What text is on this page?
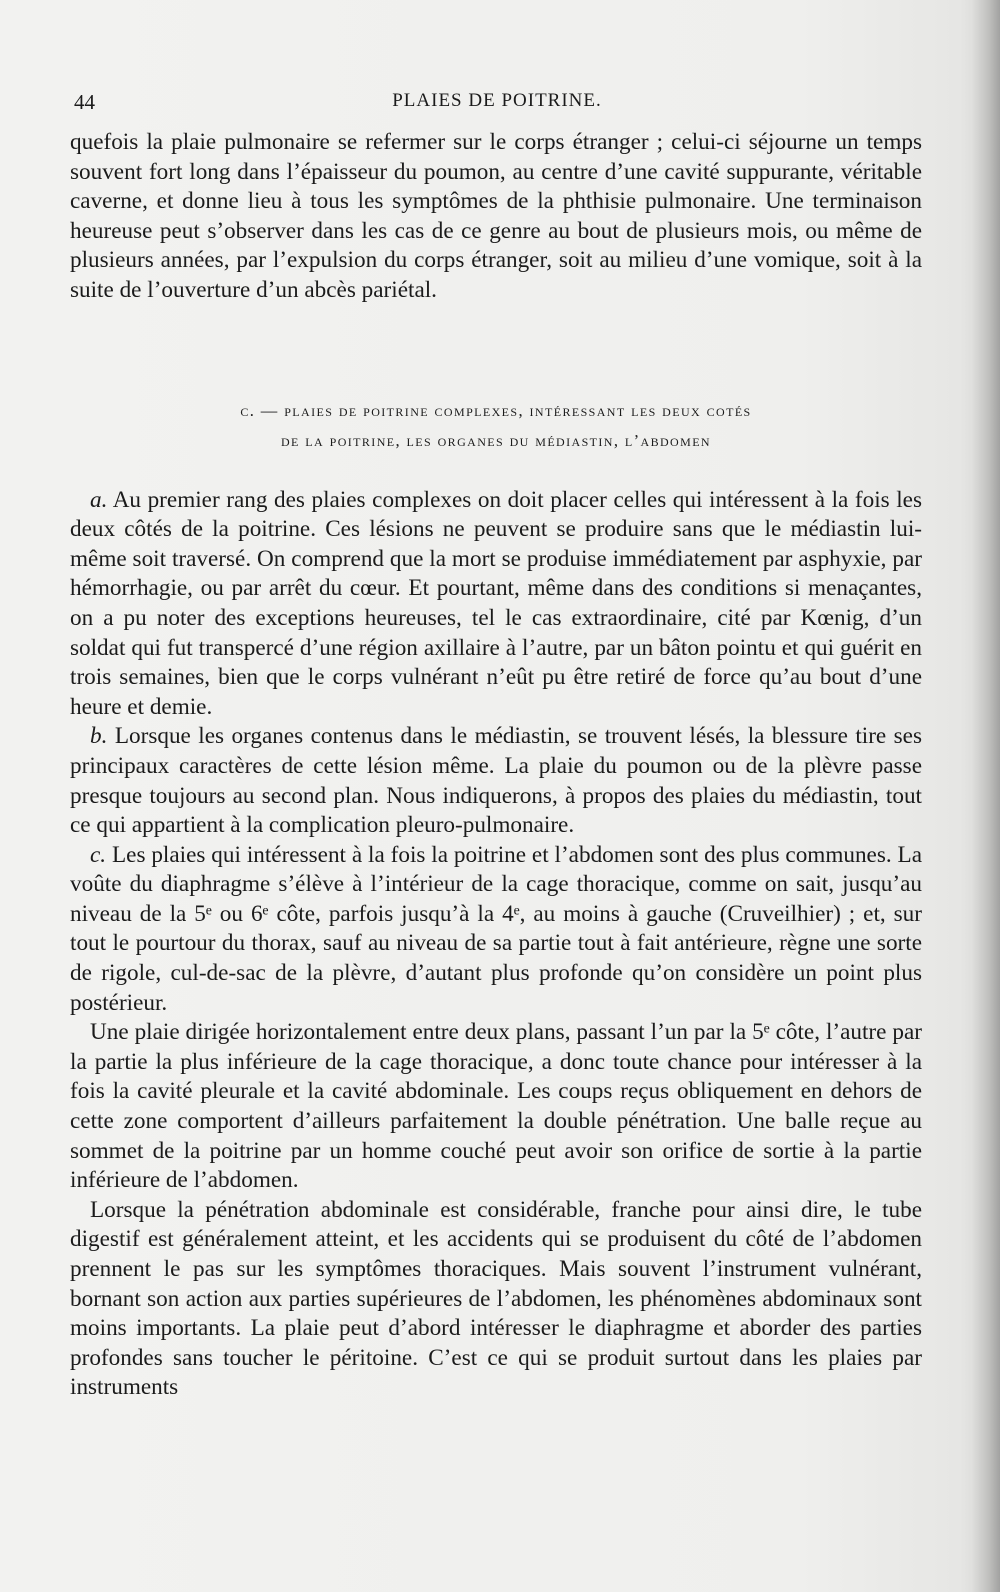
44	PLAIES DE POITRINE.

quefois la plaie pulmonaire se refermer sur le corps étranger ; celui-ci séjourne un temps souvent fort long dans l’épaisseur du poumon, au centre d’une cavité suppurante, véritable caverne, et donne lieu à tous les symptômes de la phthisie pulmonaire. Une terminaison heureuse peut s’observer dans les cas de ce genre au bout de plusieurs mois, ou même de plusieurs années, par l’expulsion du corps étranger, soit au milieu d’une vomique, soit à la suite de l’ouverture d’un abcès pariétal.

c. — plaies de poitrine complexes, intéressant les deux cotés
de la poitrine, les organes du médiastin, l’abdomen

a. Au premier rang des plaies complexes on doit placer celles qui intéressent à la fois les deux côtés de la poitrine. Ces lésions ne peuvent se produire sans que le médiastin lui-même soit traversé. On comprend que la mort se produise immédiatement par asphyxie, par hémorrhagie, ou par arrêt du cœur. Et pourtant, même dans des conditions si menaçantes, on a pu noter des exceptions heureuses, tel le cas extraordinaire, cité par Kœnig, d’un soldat qui fut transpercé d’une région axillaire à l’autre, par un bâton pointu et qui guérit en trois semaines, bien que le corps vulnérant n’eût pu être retiré de force qu’au bout d’une heure et demie.

b. Lorsque les organes contenus dans le médiastin, se trouvent lésés, la blessure tire ses principaux caractères de cette lésion même. La plaie du poumon ou de la plèvre passe presque toujours au second plan. Nous indiquerons, à propos des plaies du médiastin, tout ce qui appartient à la complication pleuro-pulmonaire.

c. Les plaies qui intéressent à la fois la poitrine et l’abdomen sont des plus communes. La voûte du diaphragme s’élève à l’intérieur de la cage thoracique, comme on sait, jusqu’au niveau de la 5ᵉ ou 6ᵉ côte, parfois jusqu’à la 4ᵉ, au moins à gauche (Cruveilhier) ; et, sur tout le pourtour du thorax, sauf au niveau de sa partie tout à fait antérieure, règne une sorte de rigole, cul-de-sac de la plèvre, d’autant plus profonde qu’on considère un point plus postérieur.

Une plaie dirigée horizontalement entre deux plans, passant l’un par la 5ᵉ côte, l’autre par la partie la plus inférieure de la cage thoracique, a donc toute chance pour intéresser à la fois la cavité pleurale et la cavité abdominale. Les coups reçus obliquement en dehors de cette zone comportent d’ailleurs parfaitement la double pénétration. Une balle reçue au sommet de la poitrine par un homme couché peut avoir son orifice de sortie à la partie inférieure de l’abdomen.

Lorsque la pénétration abdominale est considérable, franche pour ainsi dire, le tube digestif est généralement atteint, et les accidents qui se produisent du côté de l’abdomen prennent le pas sur les symptômes thoraciques. Mais souvent l’instrument vulnérant, bornant son action aux parties supérieures de l’abdomen, les phénomènes abdominaux sont moins importants. La plaie peut d’abord intéresser le diaphragme et aborder des parties profondes sans toucher le péritoine. C’est ce qui se produit surtout dans les plaies par instruments
